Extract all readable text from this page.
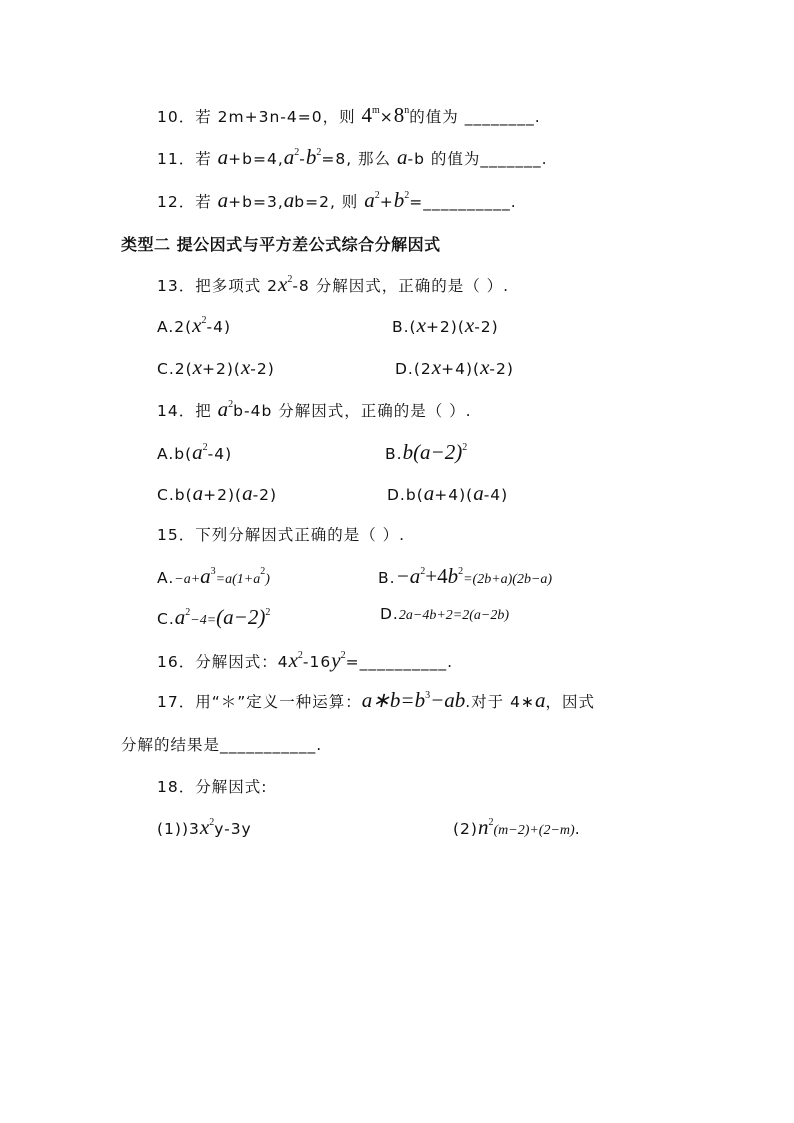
10．若 2m+3n-4=0，则 $4^m\times 8^n$的值为 ________.
11．若 $a+b=4,a^2-b^2=8$, 那么 a-b 的值为_______.
12．若 a+b=3,ab=2, 则 $a^2+b^2=\_\_\_\_\_\_\_\_\_\_$.
类型二 提公因式与平方差公式综合分解因式
13．把多项式 $2x^2-8$ 分解因式，正确的是（ ）.
$A.2(x^2-4)$	B.(x+2)(x-2)
C.2(x+2)(x-2)	D.(2x+4)(x-2)
14．把 $a^2b-4b$ 分解因式，正确的是（ ）.
$A.b(a^2-4)$	$B.b(a-2)^2$
C.b(a+2)(a-2)	D.b(a+4)(a-4)
15．下列分解因式正确的是（ ）.
$A.-a+a^3=a(1+a^2)$	$B.-a^2+4b^2=(2b+a)(2b-a)$
$C.a^2-4=(a-2)^2$	D.2a−4b+2=2(a−2b)
16．分解因式：$4x^2-16y^2=\_\_\_\_\_\_\_\_\_\_$.
17．用“＊”定义一种运算：$a∗b=b^3-ab$.对于 4∗a，因式
分解的结果是___________.
18．分解因式:
$(1))3x^2y-3y$	$(2)n^2(m-2)+(2-m)$.
